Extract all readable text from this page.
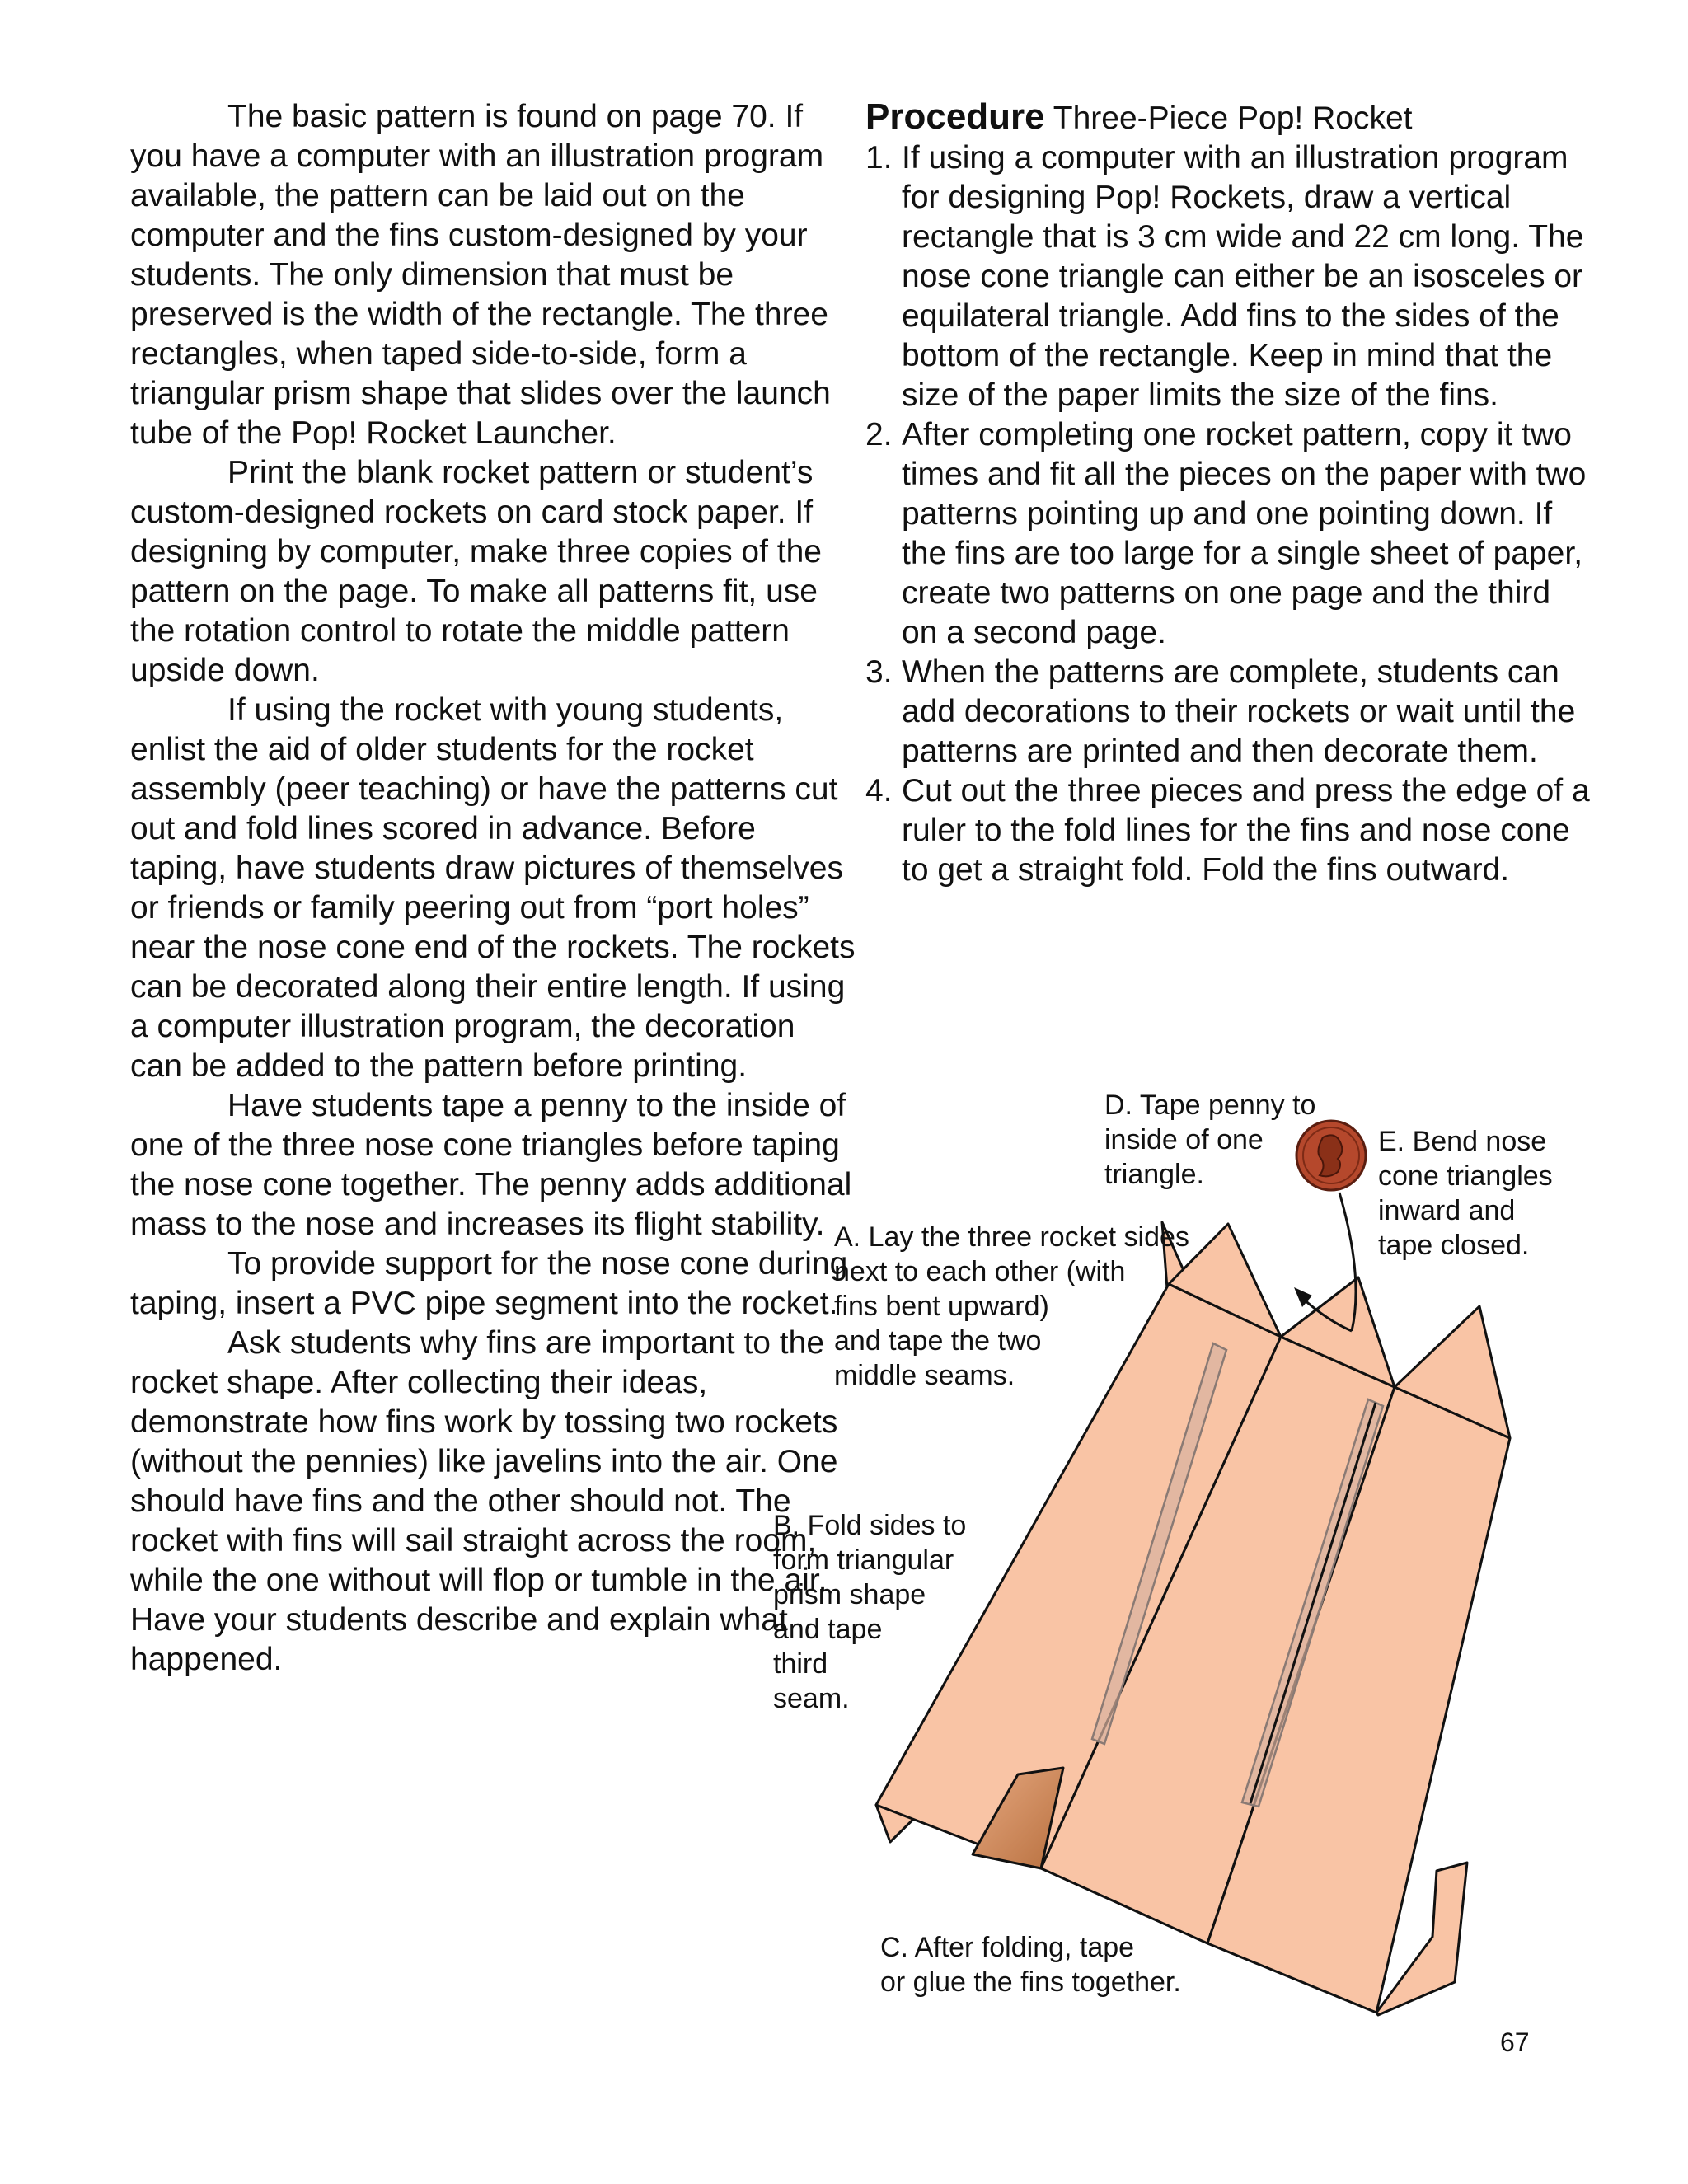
The basic pattern is found on page 70. If you have a computer with an illustration program available, the pattern can be laid out on the computer and the fins custom-designed by your students. The only dimension that must be preserved is the width of the rectangle. The three rectangles, when taped side-to-side, form a triangular prism shape that slides over the launch tube of the Pop! Rocket Launcher.

Print the blank rocket pattern or student’s custom-designed rockets on card stock paper. If designing by computer, make three copies of the pattern on the page. To make all patterns fit, use the rotation control to rotate the middle pattern upside down.

If using the rocket with young students, enlist the aid of older students for the rocket assembly (peer teaching) or have the patterns cut out and fold lines scored in advance. Before taping, have students draw pictures of themselves or friends or family peering out from “port holes” near the nose cone end of the rockets. The rockets can be decorated along their entire length. If using a computer illustration program, the decoration can be added to the pattern before printing.

Have students tape a penny to the inside of one of the three nose cone triangles before taping the nose cone together. The penny adds additional mass to the nose and increases its flight stability.

To provide support for the nose cone during taping, insert a PVC pipe segment into the rocket.

Ask students why fins are important to the rocket shape. After collecting their ideas, demonstrate how fins work by tossing two rockets (without the pennies) like javelins into the air. One should have fins and the other should not. The rocket with fins will sail straight across the room, while the one without will flop or tumble in the air. Have your students describe and explain what happened.

Procedure Three-Piece Pop! Rocket

1. If using a computer with an illustration program for designing Pop! Rockets, draw a vertical rectangle that is 3 cm wide and 22 cm long. The nose cone triangle can either be an isosceles or equilateral triangle. Add fins to the sides of the bottom of the rectangle. Keep in mind that the size of the paper limits the size of the fins.
2. After completing one rocket pattern, copy it two times and fit all the pieces on the paper with two patterns pointing up and one pointing down. If the fins are too large for a single sheet of paper, create two patterns on one page and the third on a second page.
3. When the patterns are complete, students can add decorations to their rockets or wait until the patterns are printed and then decorate them.
4. Cut out the three pieces and press the edge of a ruler to the fold lines for the fins and nose cone to get a straight fold. Fold the fins outward.
D. Tape penny to
inside of one
triangle.
E. Bend nose
cone triangles
inward and
tape closed.
A. Lay the three rocket sides
next to each other (with
fins bent upward)
and tape the two
middle seams.
B. Fold sides to
form triangular
prism shape
and tape
third
seam.
C. After folding, tape
or glue the fins together.
67
